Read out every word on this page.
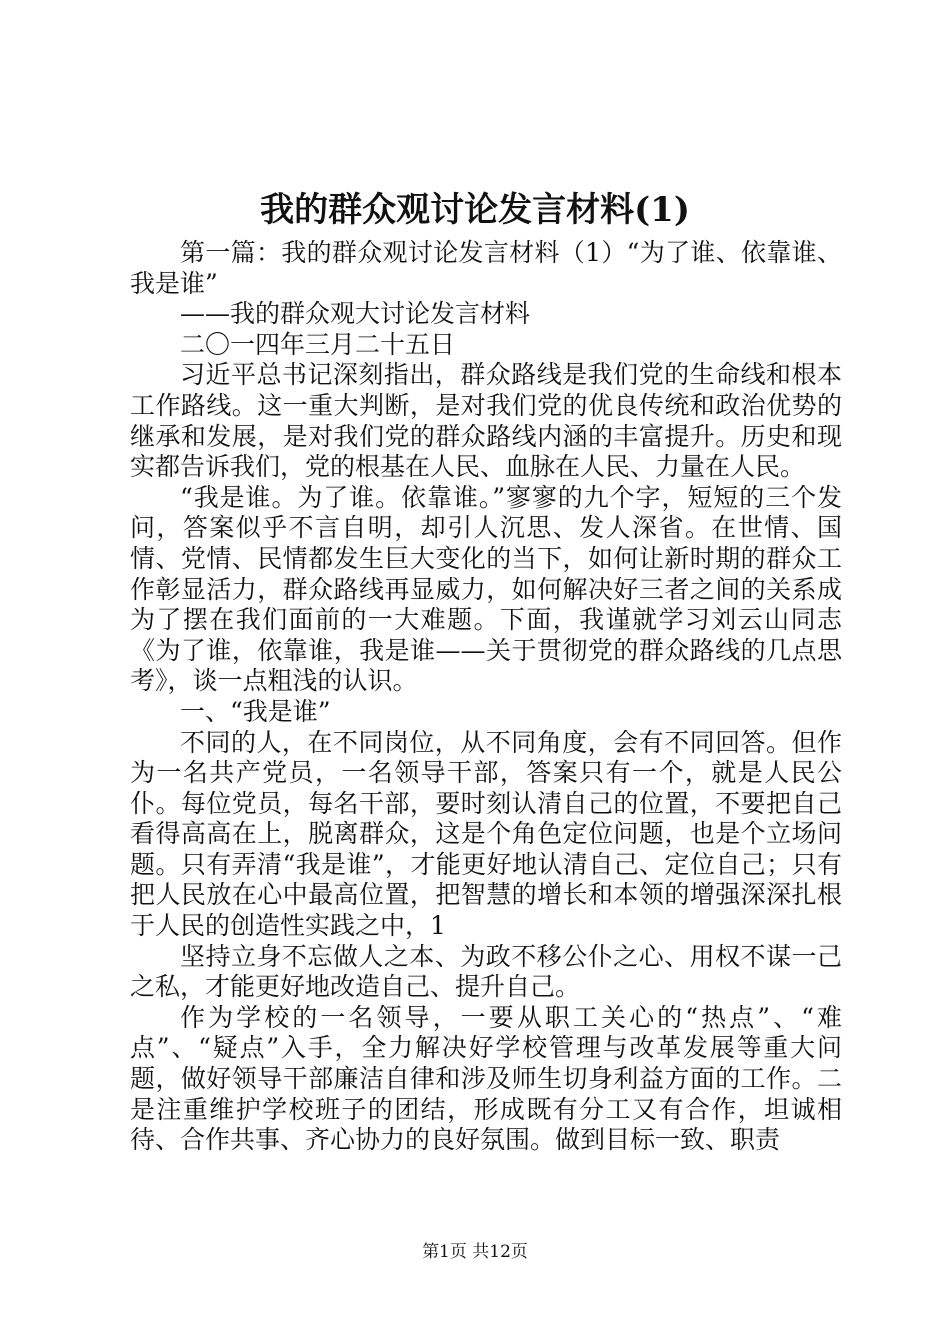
我的群众观讨论发言材料(1)

第一篇：我的群众观讨论发言材料（1）“为了谁、依靠谁、我是谁”

——我的群众观大讨论发言材料

二〇一四年三月二十五日

习近平总书记深刻指出，群众路线是我们党的生命线和根本工作路线。这一重大判断，是对我们党的优良传统和政治优势的继承和发展，是对我们党的群众路线内涵的丰富提升。历史和现实都告诉我们，党的根基在人民、血脉在人民、力量在人民。

“我是谁。为了谁。依靠谁。”寥寥的九个字，短短的三个发问，答案似乎不言自明，却引人沉思、发人深省。在世情、国情、党情、民情都发生巨大变化的当下，如何让新时期的群众工作彰显活力，群众路线再显威力，如何解决好三者之间的关系成为了摆在我们面前的一大难题。下面，我谨就学习刘云山同志《为了谁，依靠谁，我是谁——关于贯彻党的群众路线的几点思考》，谈一点粗浅的认识。

一、“我是谁”

不同的人，在不同岗位，从不同角度，会有不同回答。但作为一名共产党员，一名领导干部，答案只有一个，就是人民公仆。每位党员，每名干部，要时刻认清自己的位置，不要把自己看得高高在上，脱离群众，这是个角色定位问题，也是个立场问题。只有弄清“我是谁”，才能更好地认清自己、定位自己；只有把人民放在心中最高位置，把智慧的增长和本领的增强深深扎根于人民的创造性实践之中，1

坚持立身不忘做人之本、为政不移公仆之心、用权不谋一己之私，才能更好地改造自己、提升自己。

作为学校的一名领导，一要从职工关心的“热点”、“难点”、“疑点”入手，全力解决好学校管理与改革发展等重大问题，做好领导干部廉洁自律和涉及师生切身利益方面的工作。二是注重维护学校班子的团结，形成既有分工又有合作，坦诚相待、合作共事、齐心协力的良好氛围。做到目标一致、职责

第1页 共12页
